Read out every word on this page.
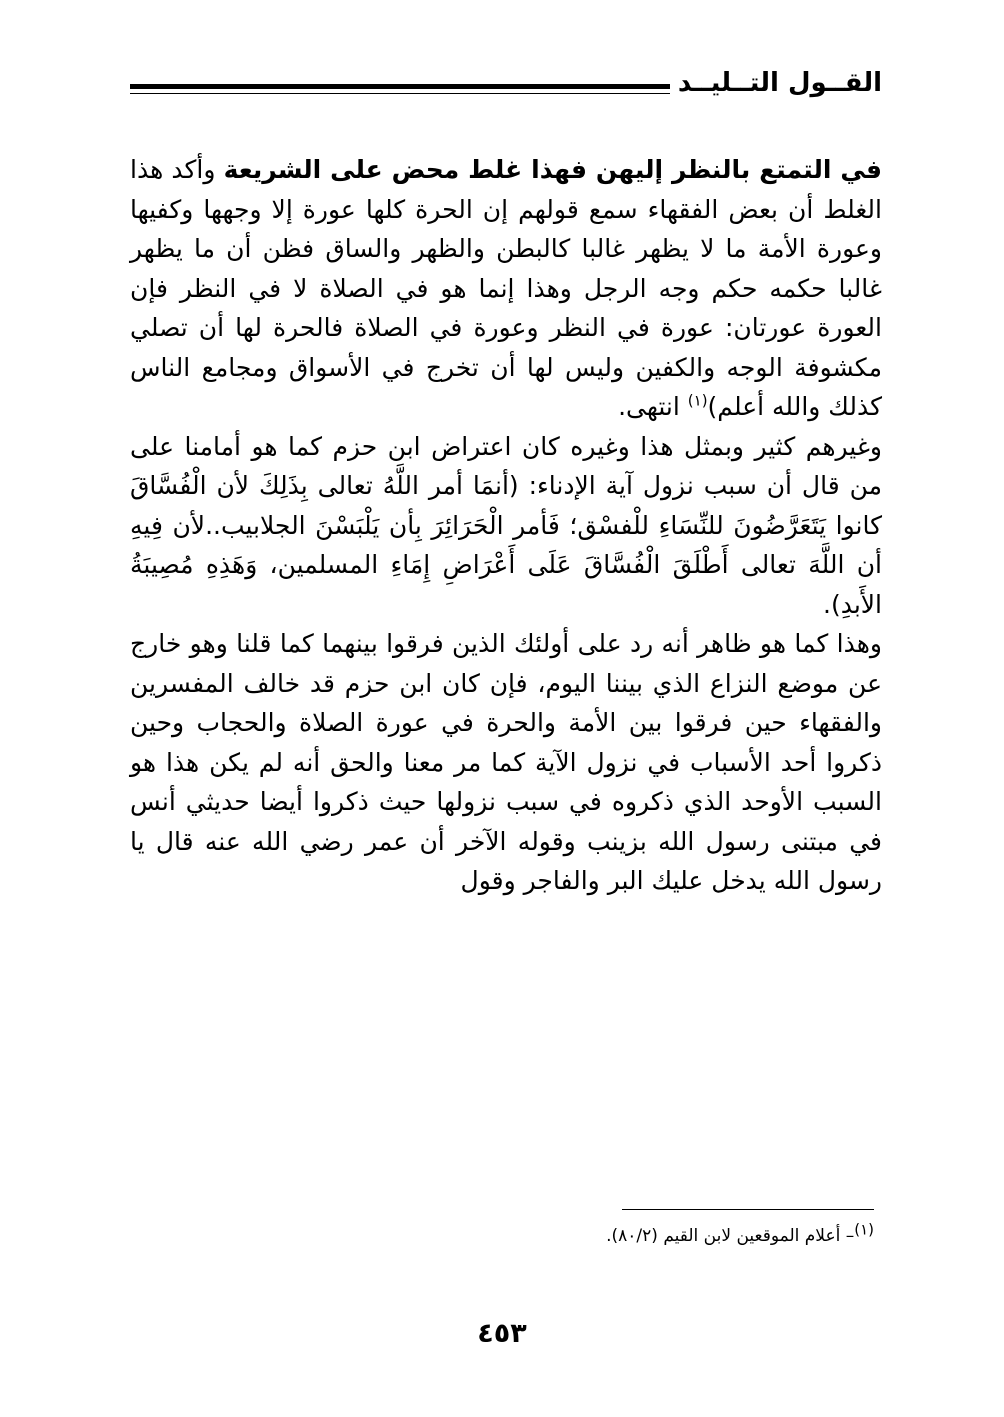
القــول التــليــد

في التمتع بالنظر إليهن فهذا غلط محض على الشريعة وأكد هذا الغلط أن بعض الفقهاء سمع قولهم إن الحرة كلها عورة إلا وجهها وكفيها وعورة الأمة ما لا يظهر غالبا كالبطن والظهر والساق فظن أن ما يظهر غالبا حكمه حكم وجه الرجل وهذا إنما هو في الصلاة لا في النظر فإن العورة عورتان: عورة في النظر وعورة في الصلاة فالحرة لها أن تصلي مكشوفة الوجه والكفين وليس لها أن تخرج في الأسواق ومجامع الناس كذلك والله أعلم)$^{(١)}$ انتهى.

وغيرهم كثير وبمثل هذا وغيره كان اعتراض ابن حزم كما هو أمامنا على من قال أن سبب نزول آية الإدناء: (أنمَا أمر اللَّهُ تعالى بِذَلِكَ لأن الْفُسَّاقَ كانوا يَتَعَرَّضُونَ للنِّسَاءِ للْفسْق؛ فَأمر الْحَرَائِرَ بِأن يَلْبَسْنَ الجلابيب..لأن فِيهِ أن اللَّهَ تعالى أَطْلَقَ الْفُسَّاقَ عَلَى أَعْرَاضِ إِمَاءِ المسلمين، وَهَذِهِ مُصِيبَةُ الأَبدِ).

وهذا كما هو ظاهر أنه رد على أولئك الذين فرقوا بينهما كما قلنا وهو خارج عن موضع النزاع الذي بيننا اليوم، فإن كان ابن حزم قد خالف المفسرين والفقهاء حين فرقوا بين الأمة والحرة في عورة الصلاة والحجاب وحين ذكروا أحد الأسباب في نزول الآية كما مر معنا والحق أنه لم يكن هذا هو السبب الأوحد الذي ذكروه في سبب نزولها حيث ذكروا أيضا حديثي أنس في مبتنى رسول الله بزينب وقوله الآخر أن عمر رضي الله عنه قال يا رسول الله يدخل عليك البر والفاجر وقول

$^{(١)}$– أعلام الموقعين لابن القيم (٨٠/٢).
٤٥٣
